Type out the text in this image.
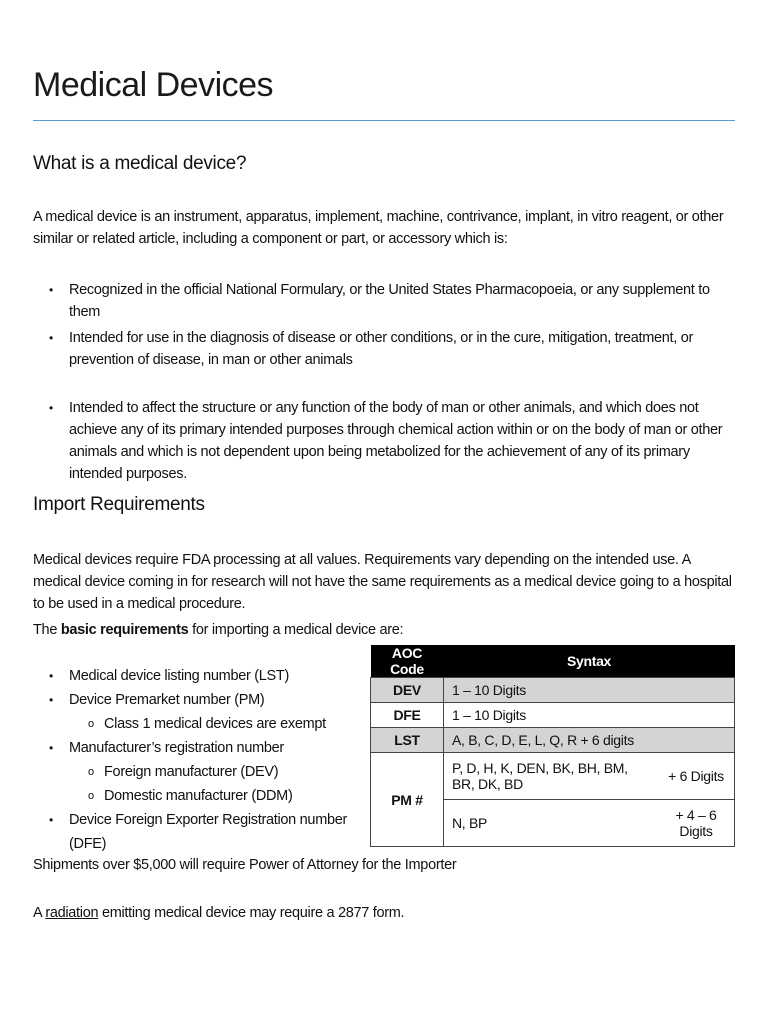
Medical Devices
What is a medical device?

A medical device is an instrument, apparatus, implement, machine, contrivance, implant, in vitro reagent, or other similar or related article, including a component or part, or accessory which is:

• Recognized in the official National Formulary, or the United States Pharmacopoeia, or any supplement to them
• Intended for use in the diagnosis of disease or other conditions, or in the cure, mitigation, treatment, or prevention of disease, in man or other animals
• Intended to affect the structure or any function of the body of man or other animals, and which does not achieve any of its primary intended purposes through chemical action within or on the body of man or other animals and which is not dependent upon being metabolized for the achievement of any of its primary intended purposes.
Import Requirements

Medical devices require FDA processing at all values. Requirements vary depending on the intended use. A medical device coming in for research will not have the same requirements as a medical device going to a hospital to be used in a medical procedure.

The basic requirements for importing a medical device are:

• Medical device listing number (LST)
• Device Premarket number (PM)
o Class 1 medical devices are exempt
• Manufacturer’s registration number
o Foreign manufacturer (DEV)
o Domestic manufacturer (DDM)
• Device Foreign Exporter Registration number (DFE)
AOC Code	Syntax	
DEV	1 – 10 Digits	
DFE	1 – 10 Digits	
LST	A, B, C, D, E, L, Q, R + 6 digits	
PM #	P, D, H, K, DEN, BK, BH, BM, BR, DK, BD	+ 6 Digits
	N, BP	+ 4 – 6 Digits

Shipments over $5,000 will require Power of Attorney for the Importer

A radiation emitting medical device may require a 2877 form.
